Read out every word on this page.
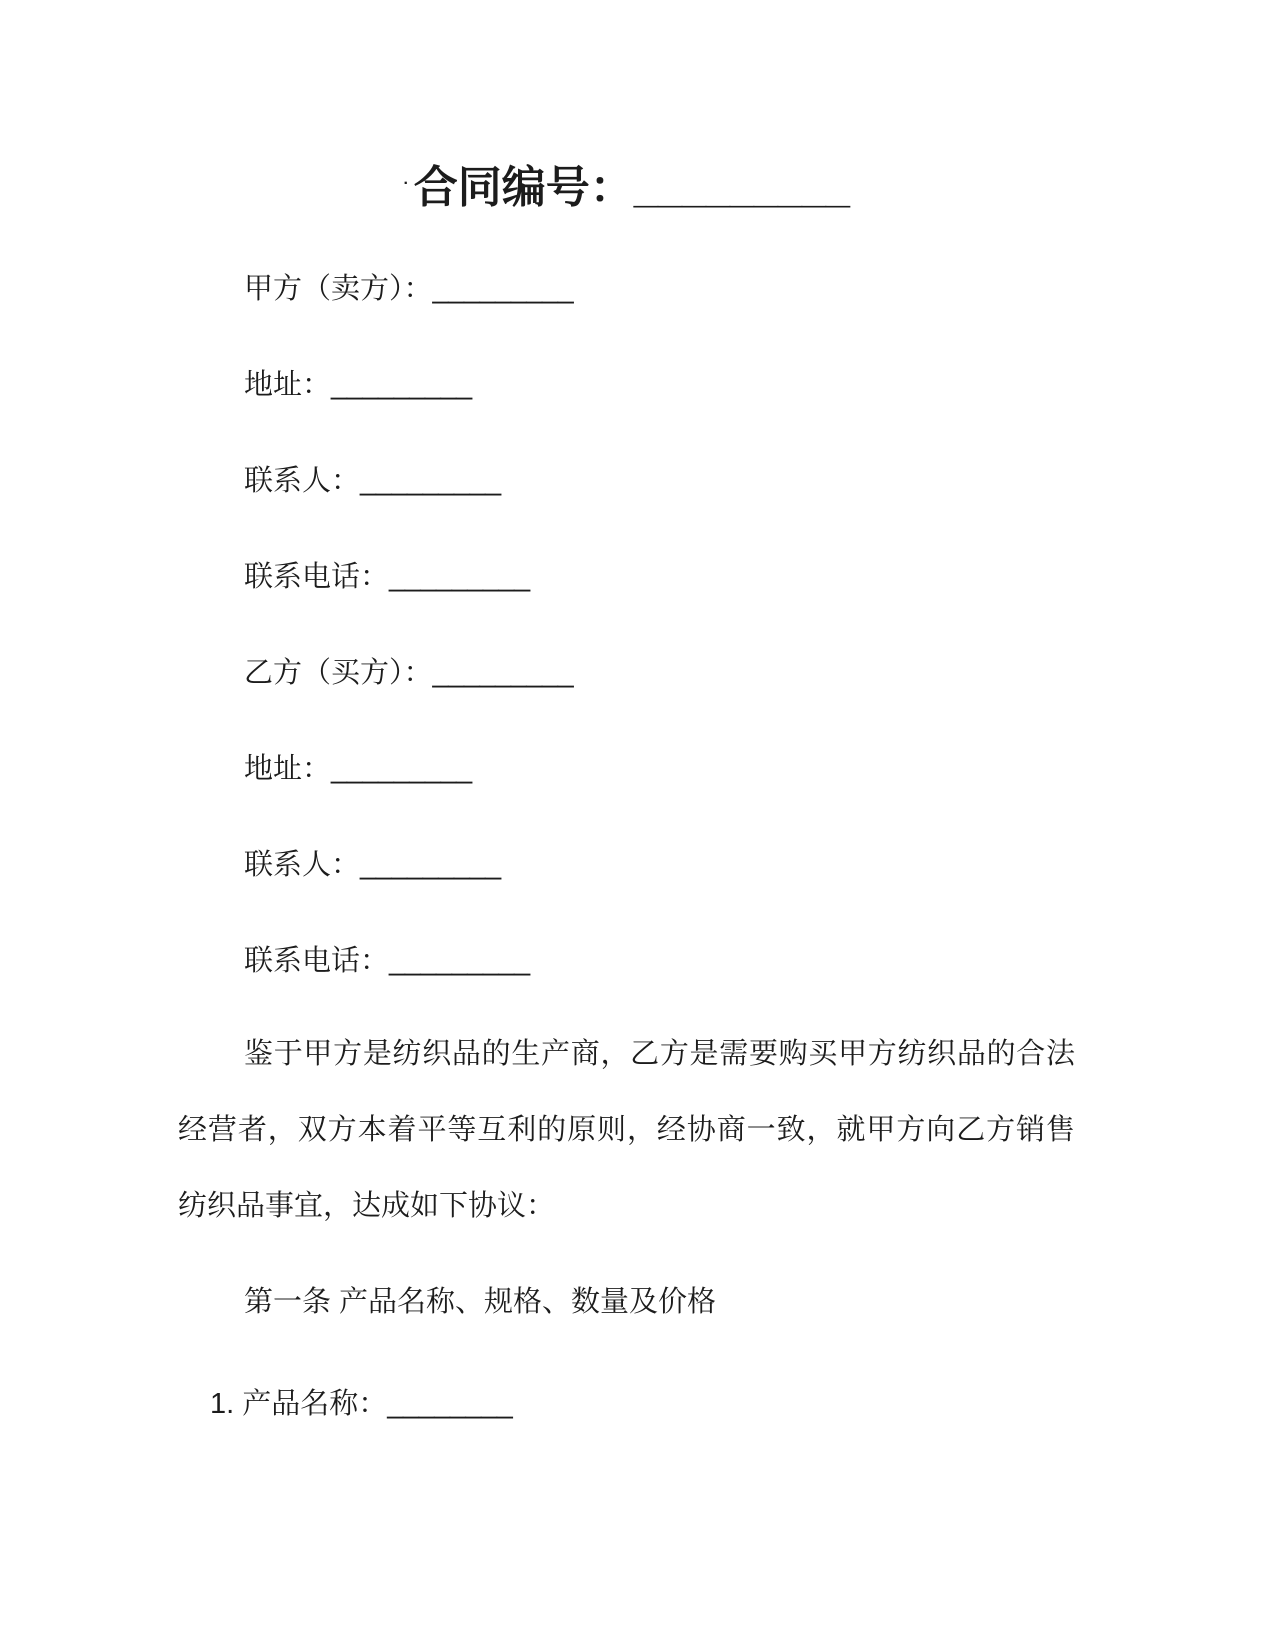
· 合同编号：_________
甲方（卖方）：_________
地址：_________
联系人：_________
联系电话：_________
乙方（买方）：_________
地址：_________
联系人：_________
联系电话：_________
鉴于甲方是纺织品的生产商，乙方是需要购买甲方纺织品的合法经营者，双方本着平等互利的原则，经协商一致，就甲方向乙方销售纺织品事宜，达成如下协议：
第一条 产品名称、规格、数量及价格
1. 产品名称：________
